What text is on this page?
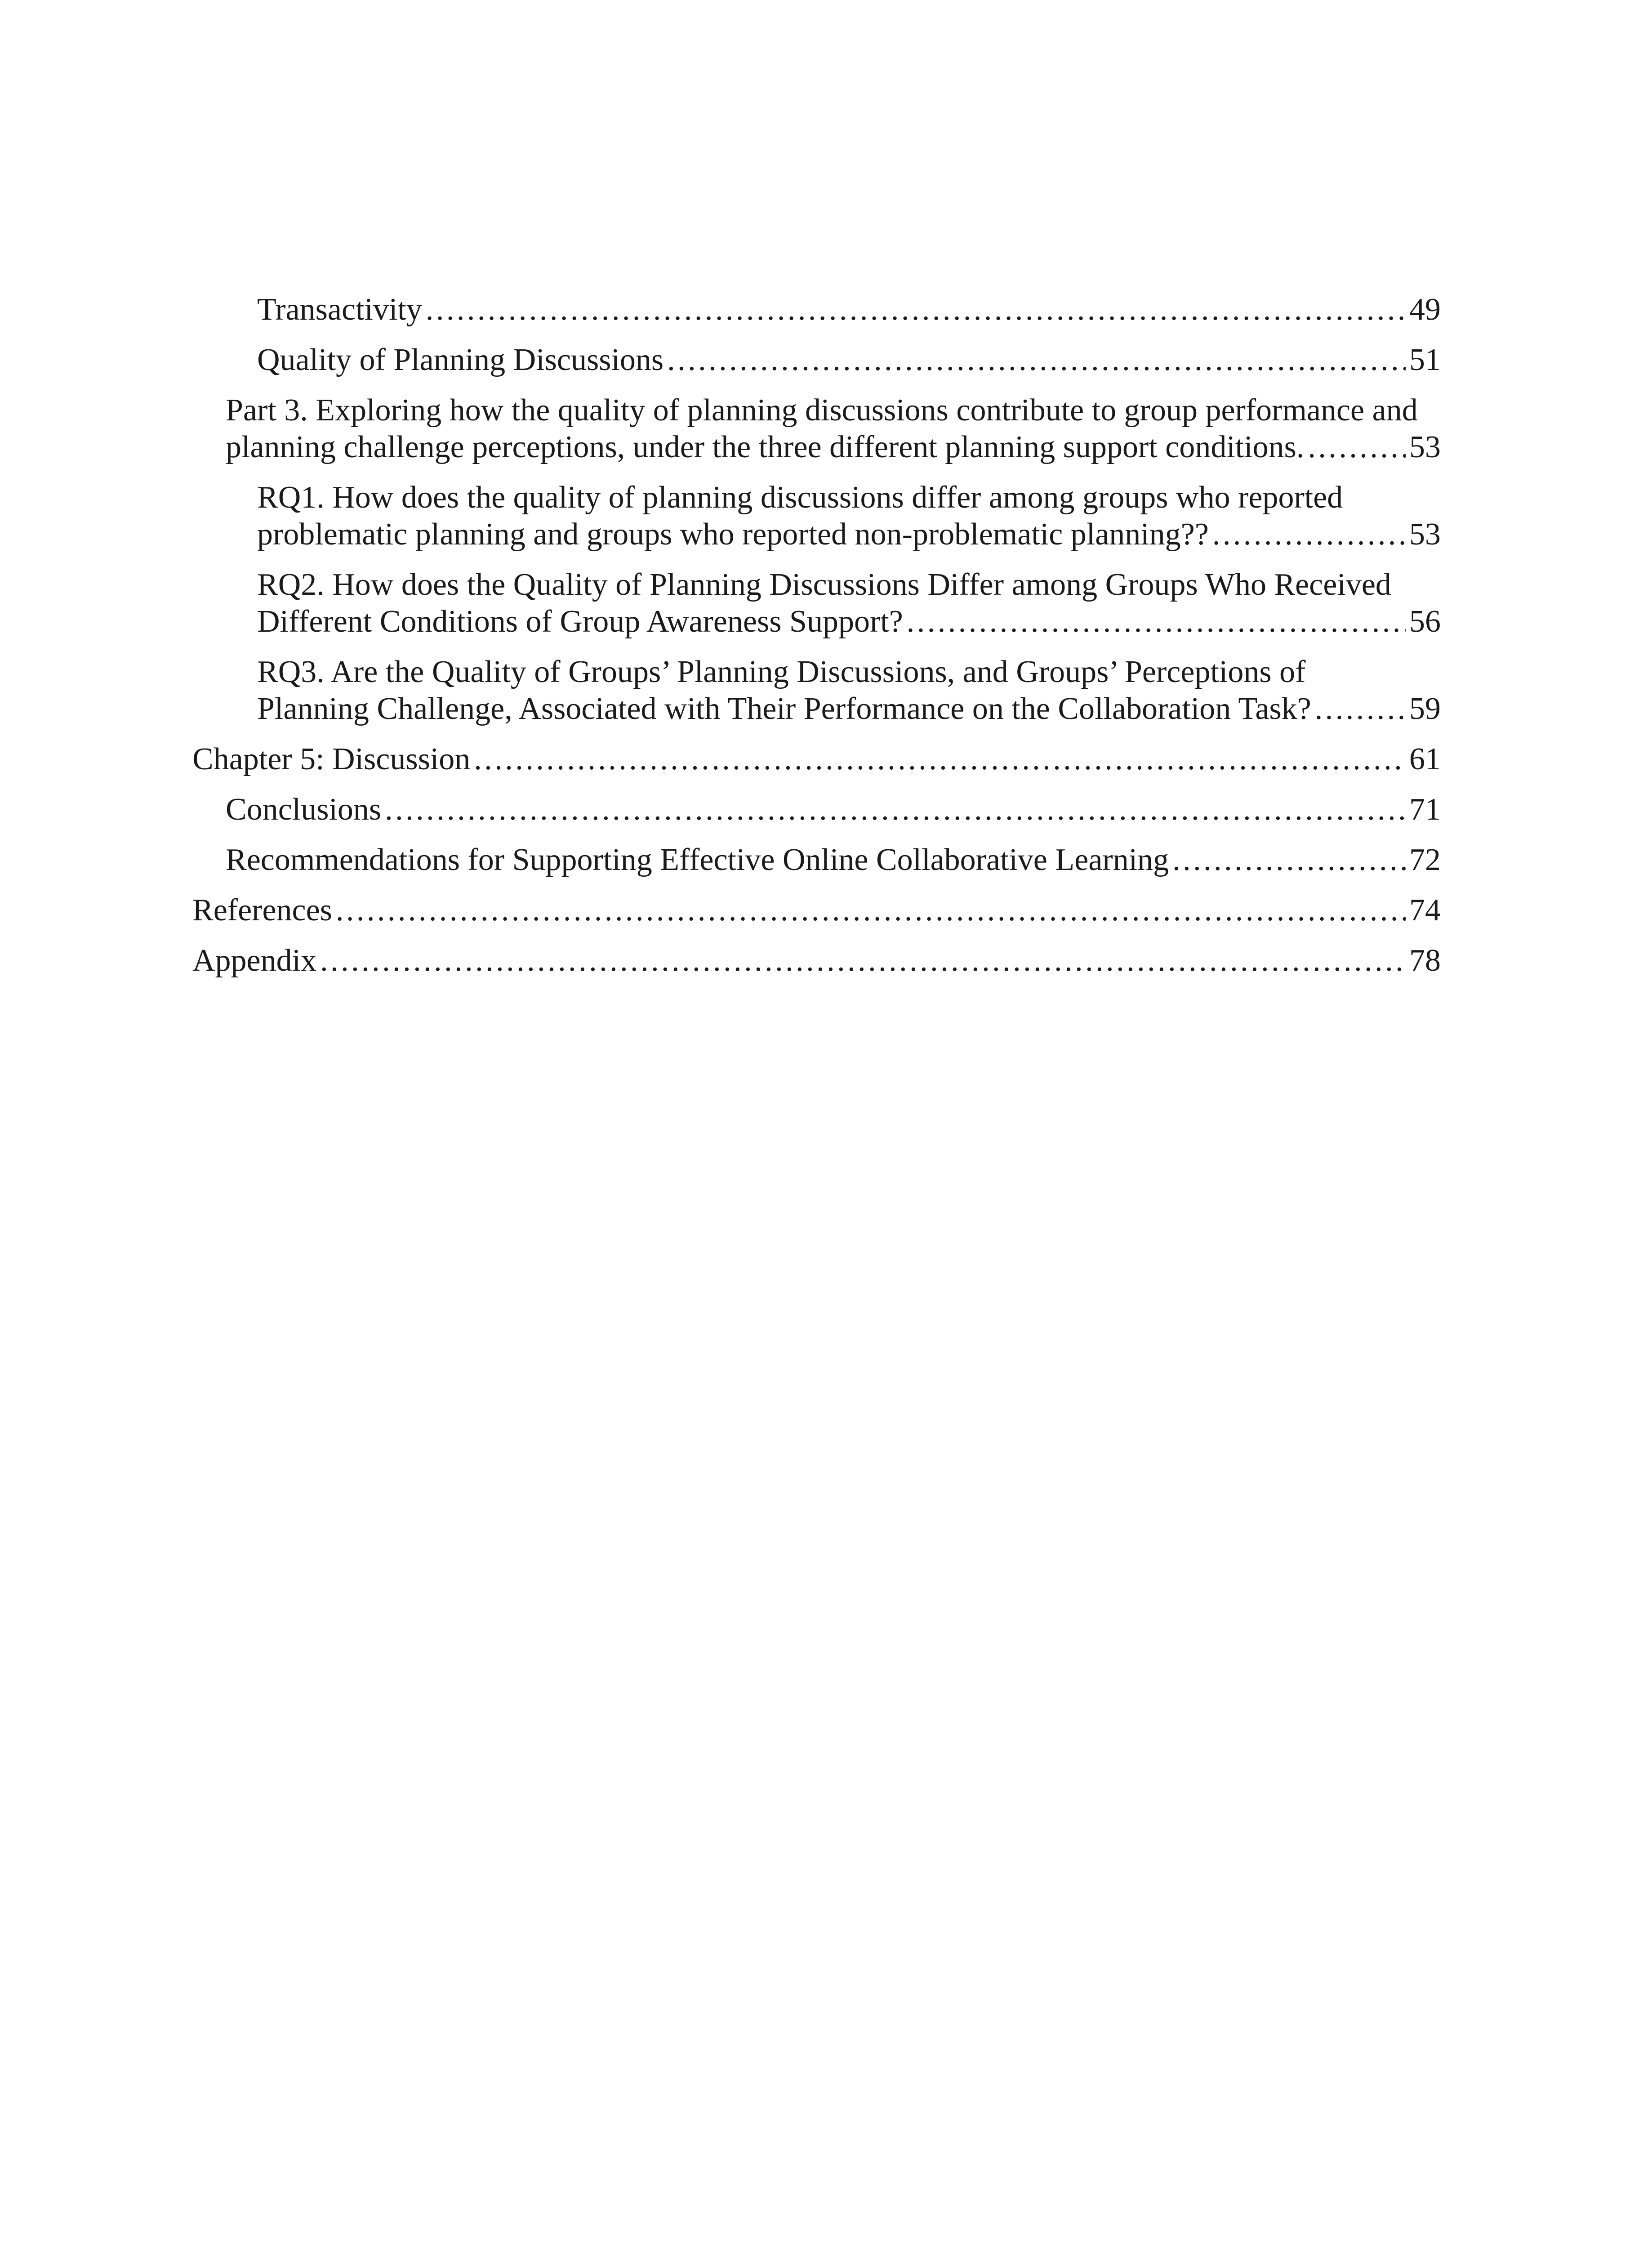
Transactivity . . .	49
Quality of Planning Discussions . . .	51
Part 3. Exploring how the quality of planning discussions contribute to group performance and
planning challenge perceptions, under the three different planning support conditions. . . .	53
RQ1. How does the quality of planning discussions differ among groups who reported
problematic planning and groups who reported non-problematic planning?? . . .	53
RQ2. How does the Quality of Planning Discussions Differ among Groups Who Received
Different Conditions of Group Awareness Support? . . .	56
RQ3. Are the Quality of Groups’ Planning Discussions, and Groups’ Perceptions of
Planning Challenge, Associated with Their Performance on the Collaboration Task? . . .	59
Chapter 5: Discussion . . .	61
Conclusions . . .	71
Recommendations for Supporting Effective Online Collaborative Learning . . .	72
References . . .	74
Appendix . . .	78
